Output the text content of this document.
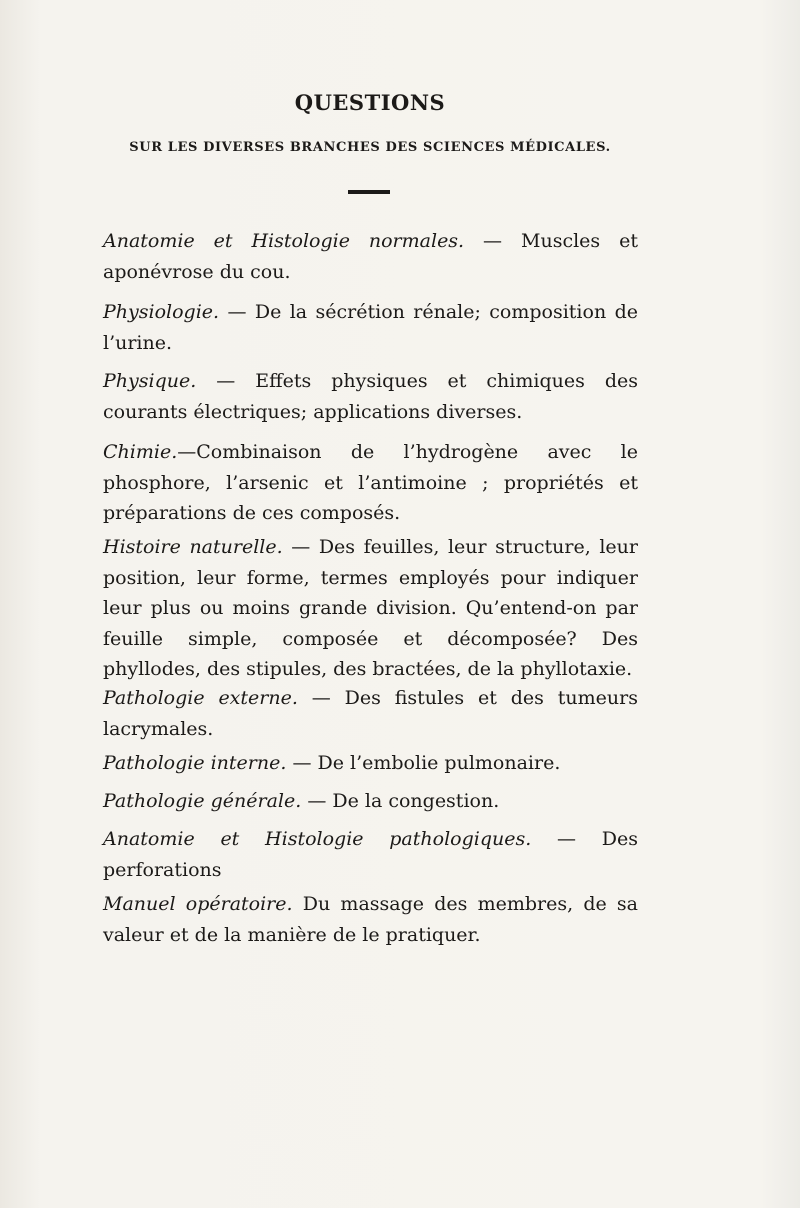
QUESTIONS
SUR LES DIVERSES BRANCHES DES SCIENCES MÉDICALES.
Anatomie et Histologie normales. — Muscles et aponévrose du cou.
Physiologie. — De la sécrétion rénale; composition de l’urine.
Physique. — Effets physiques et chimiques des courants électriques; applications diverses.
Chimie.—Combinaison de l’hydrogène avec le phosphore, l’arsenic et l’antimoine ; propriétés et préparations de ces composés.
Histoire naturelle. — Des feuilles, leur structure, leur position, leur forme, termes employés pour indiquer leur plus ou moins grande division. Qu’entend-on par feuille simple, composée et décomposée? Des phyllodes, des stipules, des bractées, de la phyllotaxie.
Pathologie externe. — Des fistules et des tumeurs lacrymales.
Pathologie interne. — De l’embolie pulmonaire.
Pathologie générale. — De la congestion.
Anatomie et Histologie pathologiques. — Des perforations
Manuel opératoire. Du massage des membres, de sa valeur et de la manière de le pratiquer.
